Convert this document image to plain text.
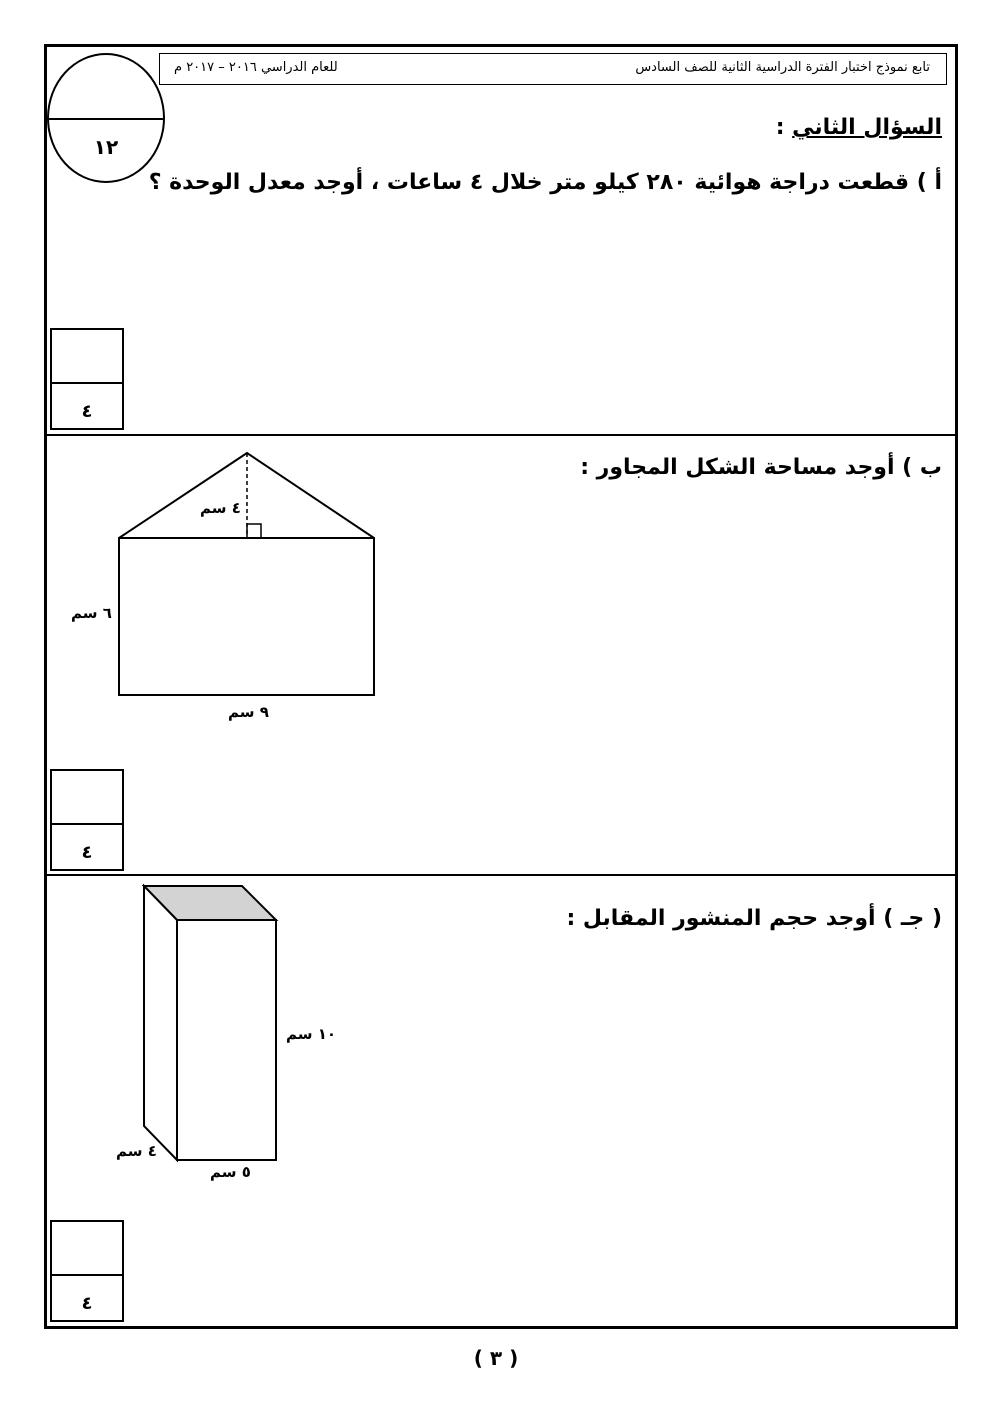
تابع نموذج اختبار الفترة الدراسية الثانية للصف السادس
للعام الدراسي ٢٠١٦ – ٢٠١٧ م
١٢
السؤال الثاني :
أ ) قطعت دراجة هوائية ٢٨٠ كيلو متر خلال ٤ ساعات ، أوجد معدل الوحدة ؟
٤
ب ) أوجد مساحة الشكل المجاور :
٤ سم
٦ سم
٩ سم
٤
( جـ ) أوجد حجم المنشور المقابل :
١٠ سم
٤ سم
٥ سم
٤
( ٣ )
